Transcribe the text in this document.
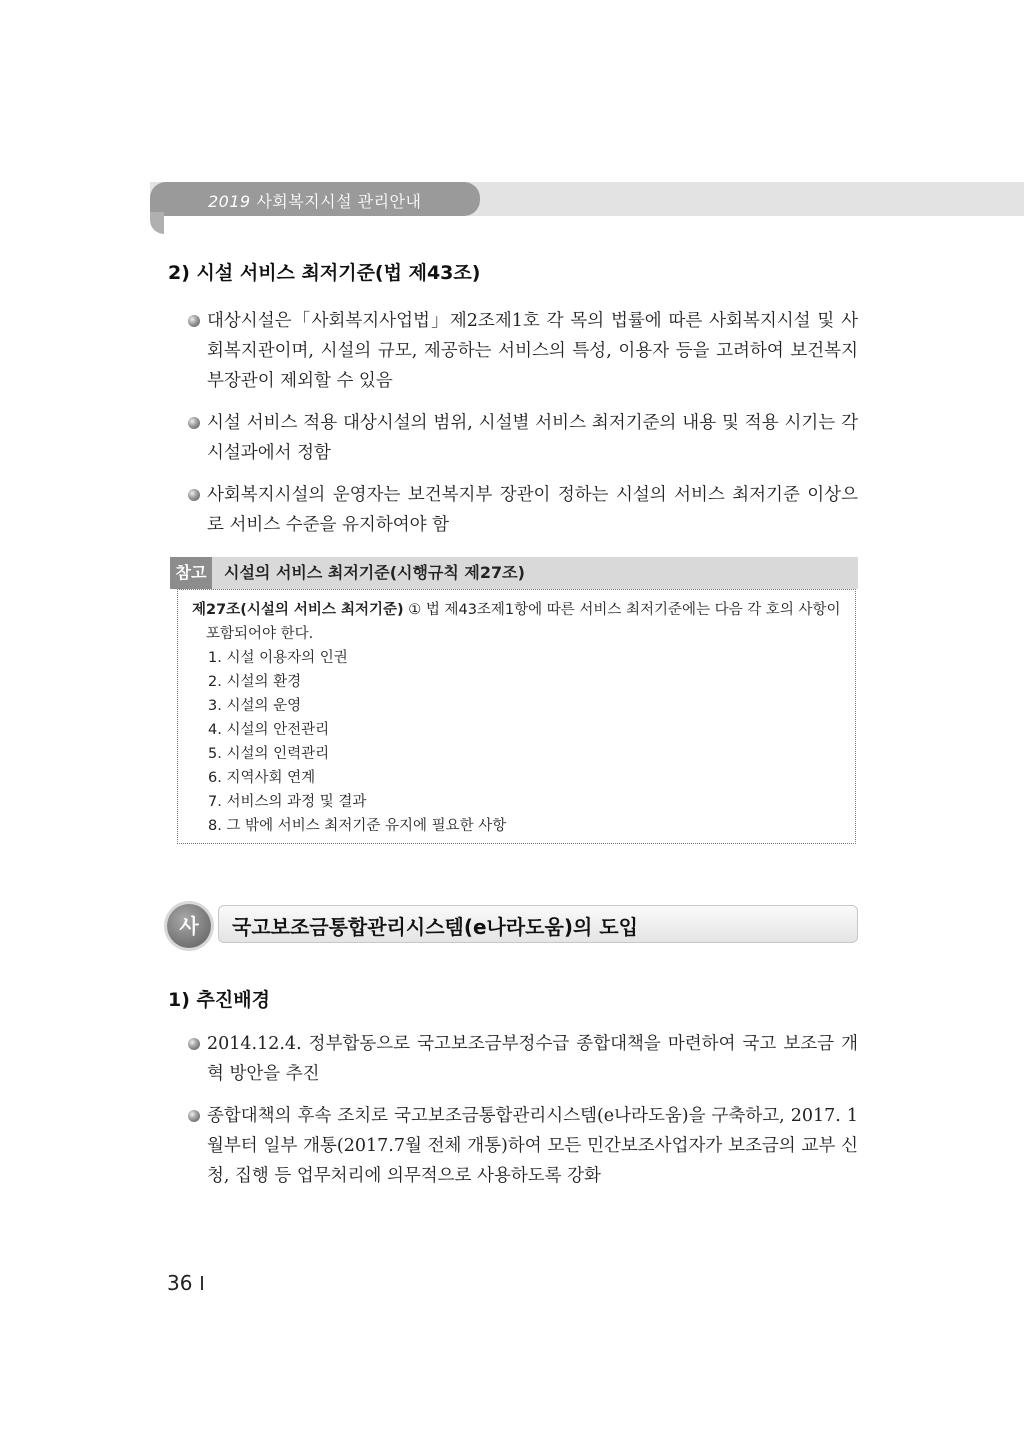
2019 사회복지시설 관리안내
2) 시설 서비스 최저기준(법 제43조)
대상시설은「사회복지사업법」제2조제1호 각 목의 법률에 따른 사회복지시설 및 사회복지관이며, 시설의 규모, 제공하는 서비스의 특성, 이용자 등을 고려하여 보건복지부장관이 제외할 수 있음
시설 서비스 적용 대상시설의 범위, 시설별 서비스 최저기준의 내용 및 적용 시기는 각 시설과에서 정함
사회복지시설의 운영자는 보건복지부 장관이 정하는 시설의 서비스 최저기준 이상으로 서비스 수준을 유지하여야 함
참고	시설의 서비스 최저기준(시행규칙 제27조)
제27조(시설의 서비스 최저기준) ① 법 제43조제1항에 따른 서비스 최저기준에는 다음 각 호의 사항이
포함되어야 한다.
1. 시설 이용자의 인권
2. 시설의 환경
3. 시설의 운영
4. 시설의 안전관리
5. 시설의 인력관리
6. 지역사회 연계
7. 서비스의 과정 및 결과
8. 그 밖에 서비스 최저기준 유지에 필요한 사항
사	국고보조금통합관리시스템(e나라도움)의 도입
1) 추진배경
2014.12.4. 정부합동으로 국고보조금부정수급 종합대책을 마련하여 국고 보조금 개혁 방안을 추진
종합대책의 후속 조치로 국고보조금통합관리시스템(e나라도움)을 구축하고, 2017. 1월부터 일부 개통(2017.7월 전체 개통)하여 모든 민간보조사업자가 보조금의 교부 신청, 집행 등 업무처리에 의무적으로 사용하도록 강화
36
